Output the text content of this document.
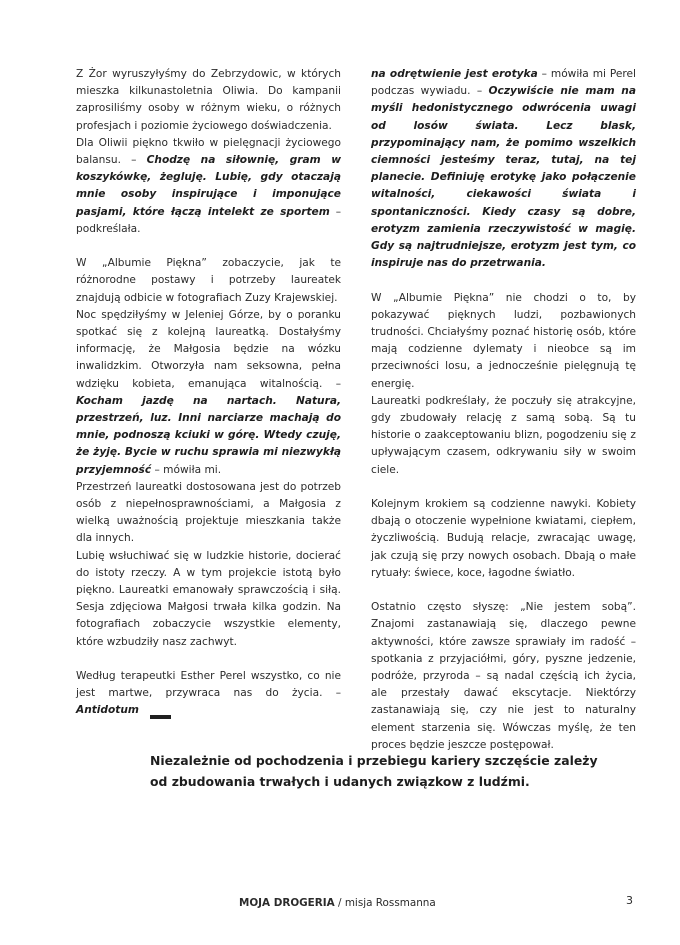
Z Żor wyruszyłyśmy do Zebrzydowic, w których mieszka kilkunastoletnia Oliwia. Do kampanii zaprosiliśmy osoby w różnym wieku, o różnych profesjach i poziomie życiowego doświadczenia.
Dla Oliwii piękno tkwiło w pielęgnacji życiowego balansu. – Chodzę na siłownię, gram w koszykówkę, żegluję. Lubię, gdy otaczają mnie osoby inspirujące i imponujące pasjami, które łączą intelekt ze sportem – podkreślała.

W „Albumie Piękna” zobaczycie, jak te różnorodne postawy i potrzeby laureatek znajdują odbicie w fotografiach Zuzy Krajewskiej.
Noc spędziłyśmy w Jeleniej Górze, by o poranku spotkać się z kolejną laureatką. Dostałyśmy informację, że Małgosia będzie na wózku inwalidzkim. Otworzyła nam seksowna, pełna wdzięku kobieta, emanująca witalnością. – Kocham jazdę na nartach. Natura, przestrzeń, luz. Inni narciarze machają do mnie, podnoszą kciuki w górę. Wtedy czuję, że żyję. Bycie w ruchu sprawia mi niezwykłą przyjemność – mówiła mi.
Przestrzeń laureatki dostosowana jest do potrzeb osób z niepełnosprawnościami, a Małgosia z wielką uważnością projektuje mieszkania także dla innych.
Lubię wsłuchiwać się w ludzkie historie, docierać do istoty rzeczy. A w tym projekcie istotą było piękno. Laureatki emanowały sprawczością i siłą. Sesja zdjęciowa Małgosi trwała kilka godzin. Na fotografiach zobaczycie wszystkie elementy, które wzbudziły nasz zachwyt.

Według terapeutki Esther Perel wszystko, co nie jest martwe, przywraca nas do życia. – Antidotum

na odrętwienie jest erotyka – mówiła mi Perel podczas wywiadu. – Oczywiście nie mam na myśli hedonistycznego odwrócenia uwagi od losów świata. Lecz blask, przypominający nam, że pomimo wszelkich ciemności jesteśmy teraz, tutaj, na tej planecie. Definiuję erotykę jako połączenie witalności, ciekawości świata i spontaniczności. Kiedy czasy są dobre, erotyzm zamienia rzeczywistość w magię. Gdy są najtrudniejsze, erotyzm jest tym, co inspiruje nas do przetrwania.

W „Albumie Piękna” nie chodzi o to, by pokazywać pięknych ludzi, pozbawionych trudności. Chciałyśmy poznać historię osób, które mają codzienne dylematy i nieobce są im przeciwności losu, a jednocześnie pielęgnują tę energię.
Laureatki podkreślały, że poczuły się atrakcyjne, gdy zbudowały relację z samą sobą. Są tu historie o zaakceptowaniu blizn, pogodzeniu się z upływającym czasem, odkrywaniu siły w swoim ciele.

Kolejnym krokiem są codzienne nawyki. Kobiety dbają o otoczenie wypełnione kwiatami, ciepłem, życzliwością. Budują relacje, zwracając uwagę, jak czują się przy nowych osobach. Dbają o małe rytuały: świece, koce, łagodne światło.

Ostatnio często słyszę: „Nie jestem sobą”. Znajomi zastanawiają się, dlaczego pewne aktywności, które zawsze sprawiały im radość – spotkania z przyjaciółmi, góry, pyszne jedzenie, podróże, przyroda – są nadal częścią ich życia, ale przestały dawać ekscytacje. Niektórzy zastanawiają się, czy nie jest to naturalny element starzenia się. Wówczas myślę, że ten proces będzie jeszcze postępował.

Niezależnie od pochodzenia i przebiegu kariery szczęście zależy od zbudowania trwałych i udanych związkow z ludźmi.
MOJA DROGERIA / misja Rossmanna	3
